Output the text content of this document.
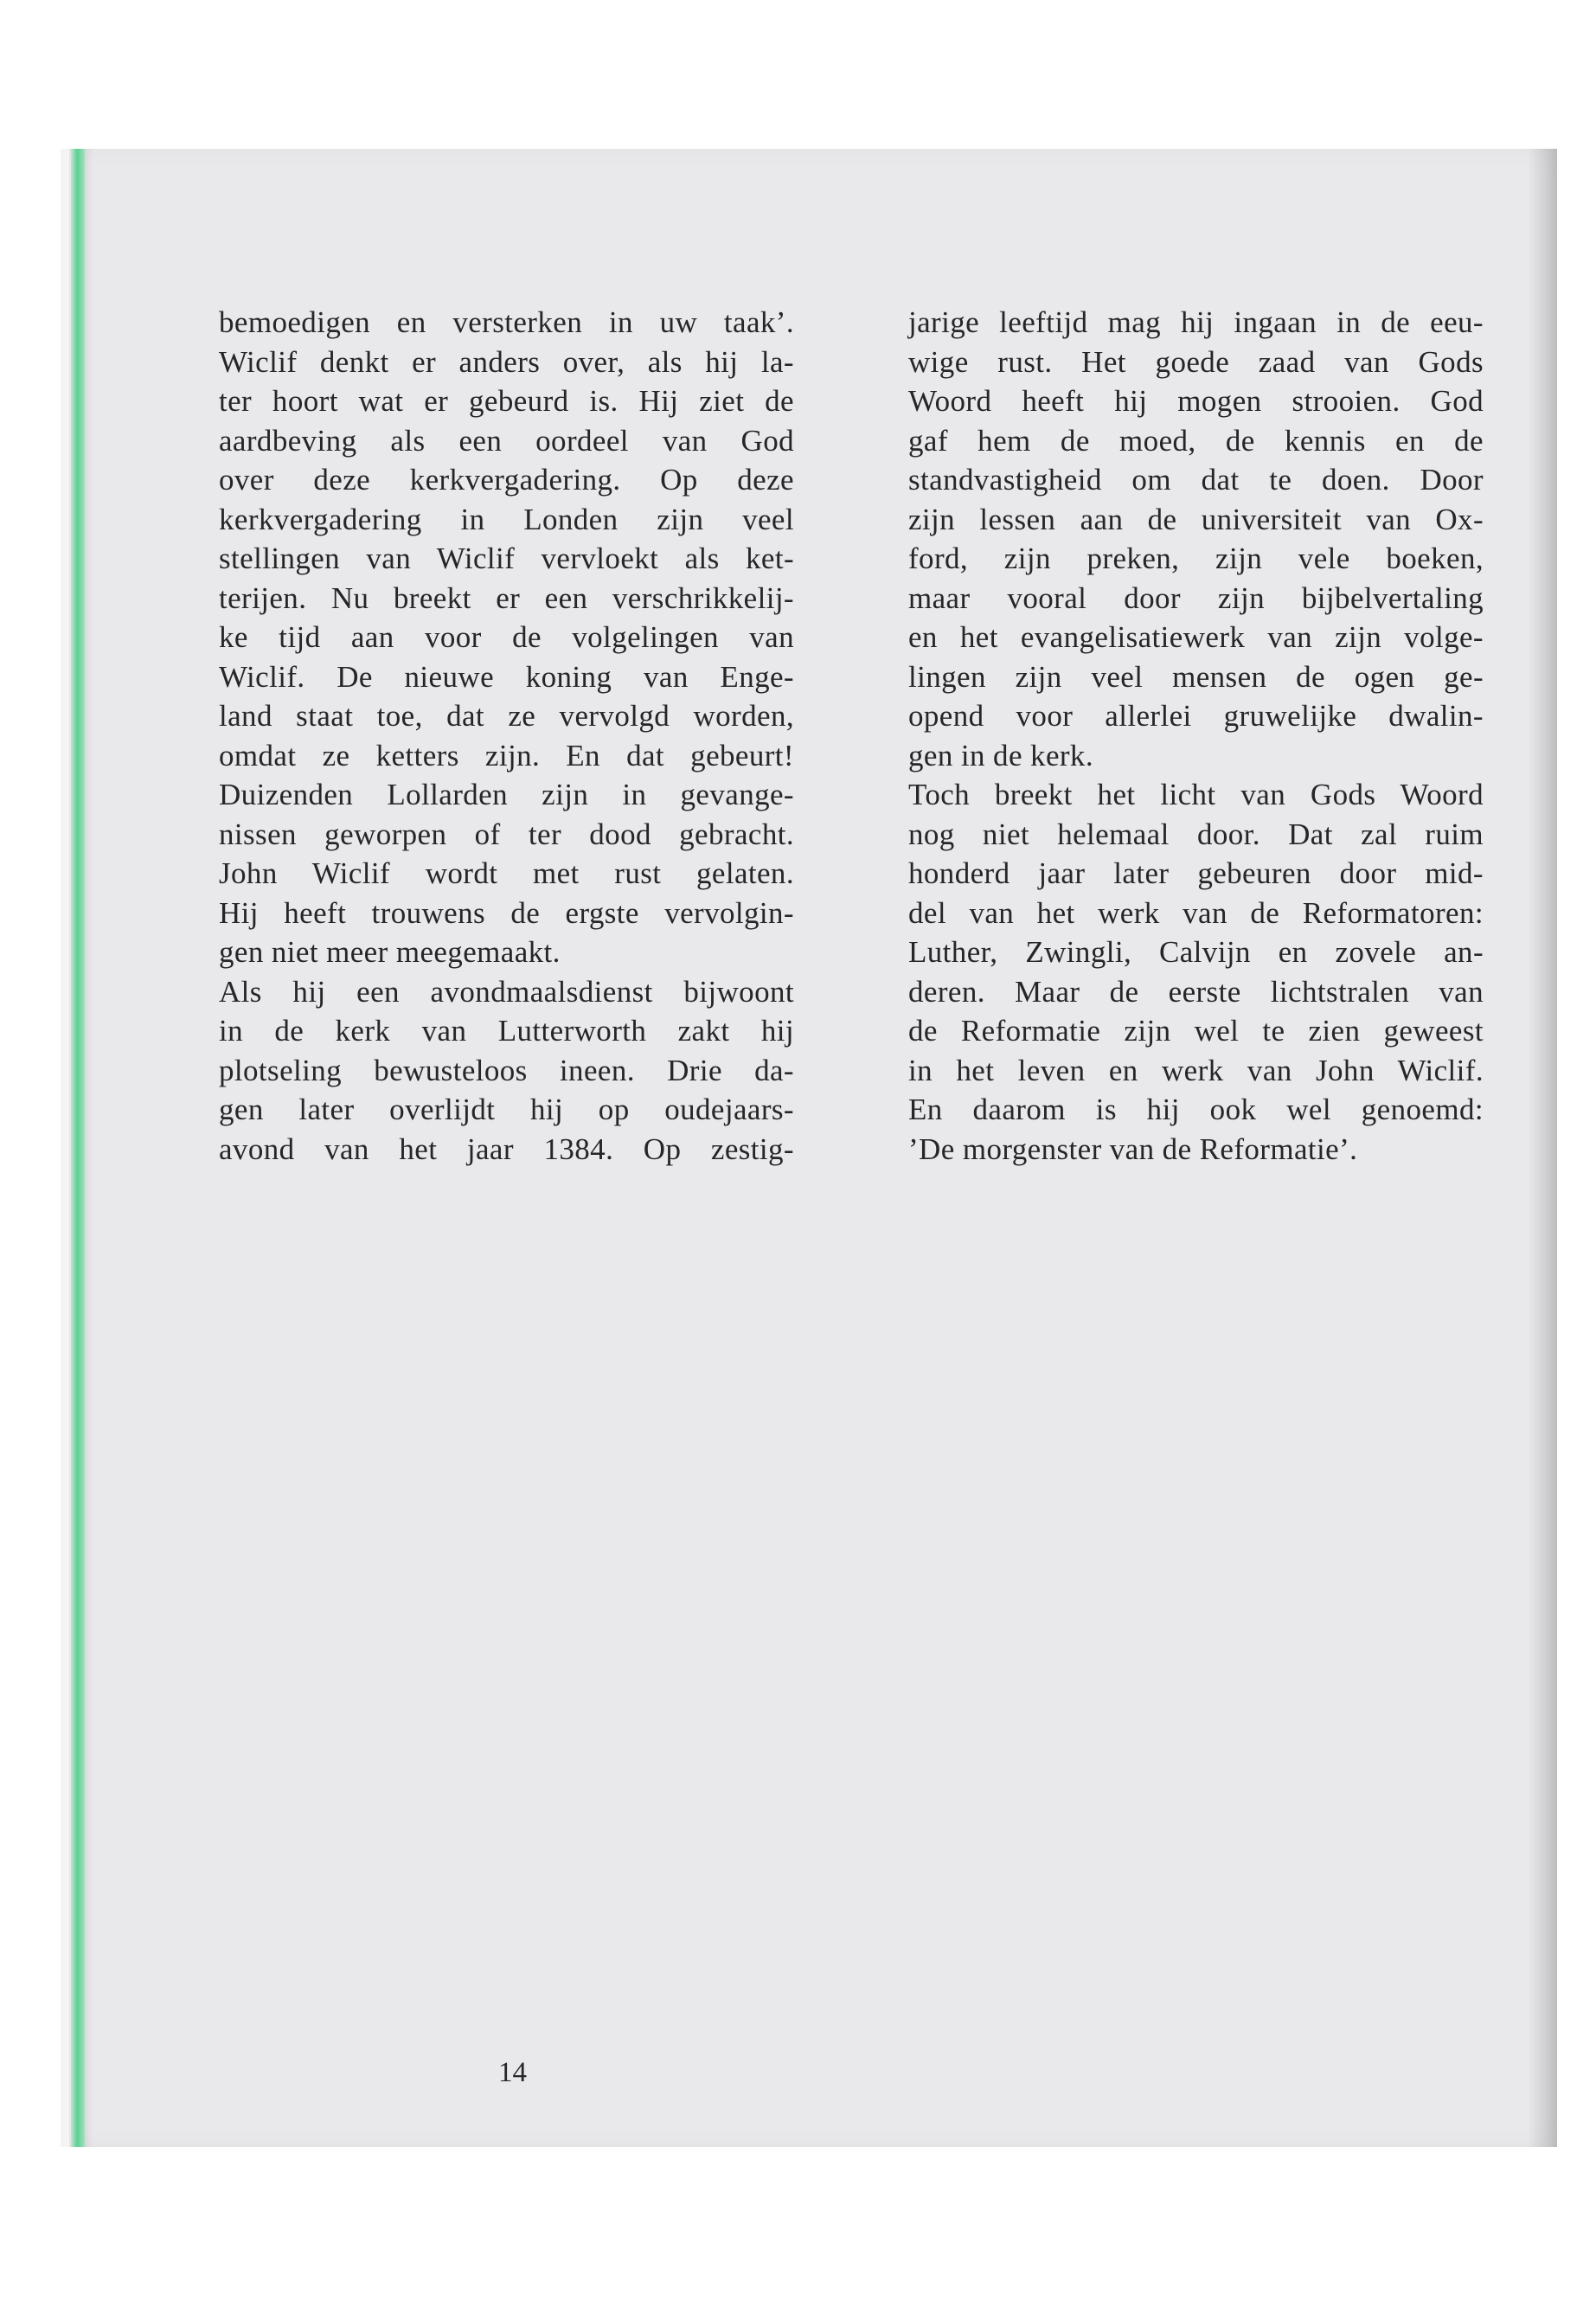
bemoedigen en versterken in uw taak’.
Wiclif denkt er anders over, als hij la-
ter hoort wat er gebeurd is. Hij ziet de
aardbeving als een oordeel van God
over deze kerkvergadering. Op deze
kerkvergadering in Londen zijn veel
stellingen van Wiclif vervloekt als ket-
terijen. Nu breekt er een verschrikkelij-
ke tijd aan voor de volgelingen van
Wiclif. De nieuwe koning van Enge-
land staat toe, dat ze vervolgd worden,
omdat ze ketters zijn. En dat gebeurt!
Duizenden Lollarden zijn in gevange-
nissen geworpen of ter dood gebracht.
John Wiclif wordt met rust gelaten.
Hij heeft trouwens de ergste vervolgin-
gen niet meer meegemaakt.
Als hij een avondmaalsdienst bijwoont
in de kerk van Lutterworth zakt hij
plotseling bewusteloos ineen. Drie da-
gen later overlijdt hij op oudejaars-
avond van het jaar 1384. Op zestig-
jarige leeftijd mag hij ingaan in de eeu-
wige rust. Het goede zaad van Gods
Woord heeft hij mogen strooien. God
gaf hem de moed, de kennis en de
standvastigheid om dat te doen. Door
zijn lessen aan de universiteit van Ox-
ford, zijn preken, zijn vele boeken,
maar vooral door zijn bijbelvertaling
en het evangelisatiewerk van zijn volge-
lingen zijn veel mensen de ogen ge-
opend voor allerlei gruwelijke dwalin-
gen in de kerk.
Toch breekt het licht van Gods Woord
nog niet helemaal door. Dat zal ruim
honderd jaar later gebeuren door mid-
del van het werk van de Reformatoren:
Luther, Zwingli, Calvijn en zovele an-
deren. Maar de eerste lichtstralen van
de Reformatie zijn wel te zien geweest
in het leven en werk van John Wiclif.
En daarom is hij ook wel genoemd:
’De morgenster van de Reformatie’.
14
